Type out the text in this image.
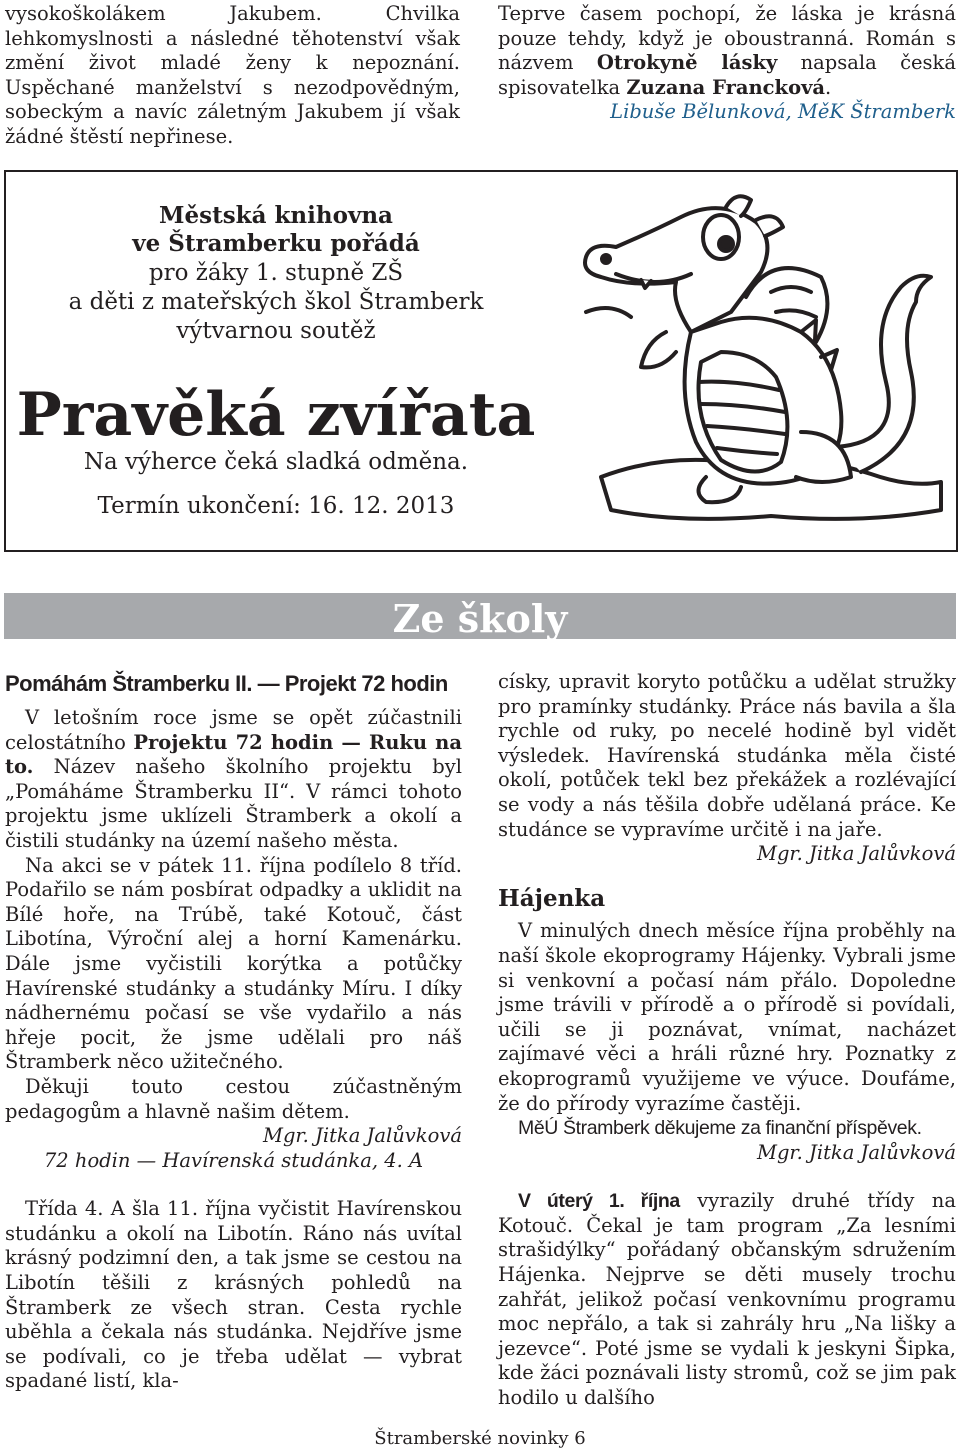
vysokoškolákem Jakubem. Chvilka lehkomyslnosti a následné těhotenství však změní život mladé ženy k nepoznání. Uspěchané manželství s nezodpovědným, sobeckým a navíc záletným Jakubem jí však žádné štěstí nepřinese.

Teprve časem pochopí, že láska je krásná pouze tehdy, když je oboustranná. Román s názvem Otrokyně lásky napsala česká spisovatelka Zuzana Francková.

Libuše Bělunková, MěK Štramberk

Městská knihovna

ve Štramberku pořádá

pro žáky 1. stupně ZŠ

a děti z mateřských škol Štramberk

výtvarnou soutěž

Pravěká zvířata

Na výherce čeká sladká odměna.

Termín ukončení: 16. 12. 2013

Ze školy

Pomáhám Štramberku II. — Projekt 72 hodin

V letošním roce jsme se opět zúčastnili celostátního Projektu 72 hodin — Ruku na to. Název našeho školního projektu byl „Pomáháme Štramberku II“. V rámci tohoto projektu jsme uklízeli Štramberk a okolí a čistili studánky na území našeho města.

Na akci se v pátek 11. října podílelo 8 tříd. Podařilo se nám posbírat odpadky a uklidit na Bílé hoře, na Trúbě, také Kotouč, část Libotína, Výroční alej a horní Kamenárku. Dále jsme vyčistili korýtka a potůčky Havírenské studánky a studánky Míru. I díky nádhernému počasí se vše vydařilo a nás hřeje pocit, že jsme udělali pro náš Štramberk něco užitečného.

Děkuji touto cestou zúčastněným pedagogům a hlavně našim dětem.

Mgr. Jitka Jalůvková

72 hodin — Havírenská studánka, 4. A

Třída 4. A šla 11. října vyčistit Havírenskou studánku a okolí na Libotín. Ráno nás uvítal krásný podzimní den, a tak jsme se cestou na Libotín těšili z krásných pohledů na Štramberk ze všech stran. Cesta rychle uběhla a čekala nás studánka. Nejdříve jsme se podívali, co je třeba udělat — vybrat spadané listí, kla-

císky, upravit koryto potůčku a udělat stružky pro pramínky studánky. Práce nás bavila a šla rychle od ruky, po necelé hodině byl vidět výsledek. Havírenská studánka měla čisté okolí, potůček tekl bez překážek a rozlévající se vody a nás těšila dobře udělaná práce. Ke studánce se vypravíme určitě i na jaře.

Mgr. Jitka Jalůvková

Hájenka

V minulých dnech měsíce října proběhly na naší škole ekoprogramy Hájenky. Vybrali jsme si venkovní a počasí nám přálo. Dopoledne jsme trávili v přírodě a o přírodě si povídali, učili se ji poznávat, vnímat, nacházet zajímavé věci a hráli různé hry. Poznatky z ekoprogramů využijeme ve výuce. Doufáme, že do přírody vyrazíme častěji.

MěÚ Štramberk děkujeme za finanční příspěvek.

Mgr. Jitka Jalůvková

V úterý 1. října vyrazily druhé třídy na Kotouč. Čekal je tam program „Za lesními strašidýlky“ pořádaný občanským sdružením Hájenka. Nejprve se děti musely trochu zahřát, jelikož počasí venkovnímu programu moc nepřálo, a tak si zahrály hru „Na lišky a jezevce“. Poté jsme se vydali k jeskyni Šipka, kde žáci poznávali listy stromů, což se jim pak hodilo u dalšího

Štramberské novinky 6
